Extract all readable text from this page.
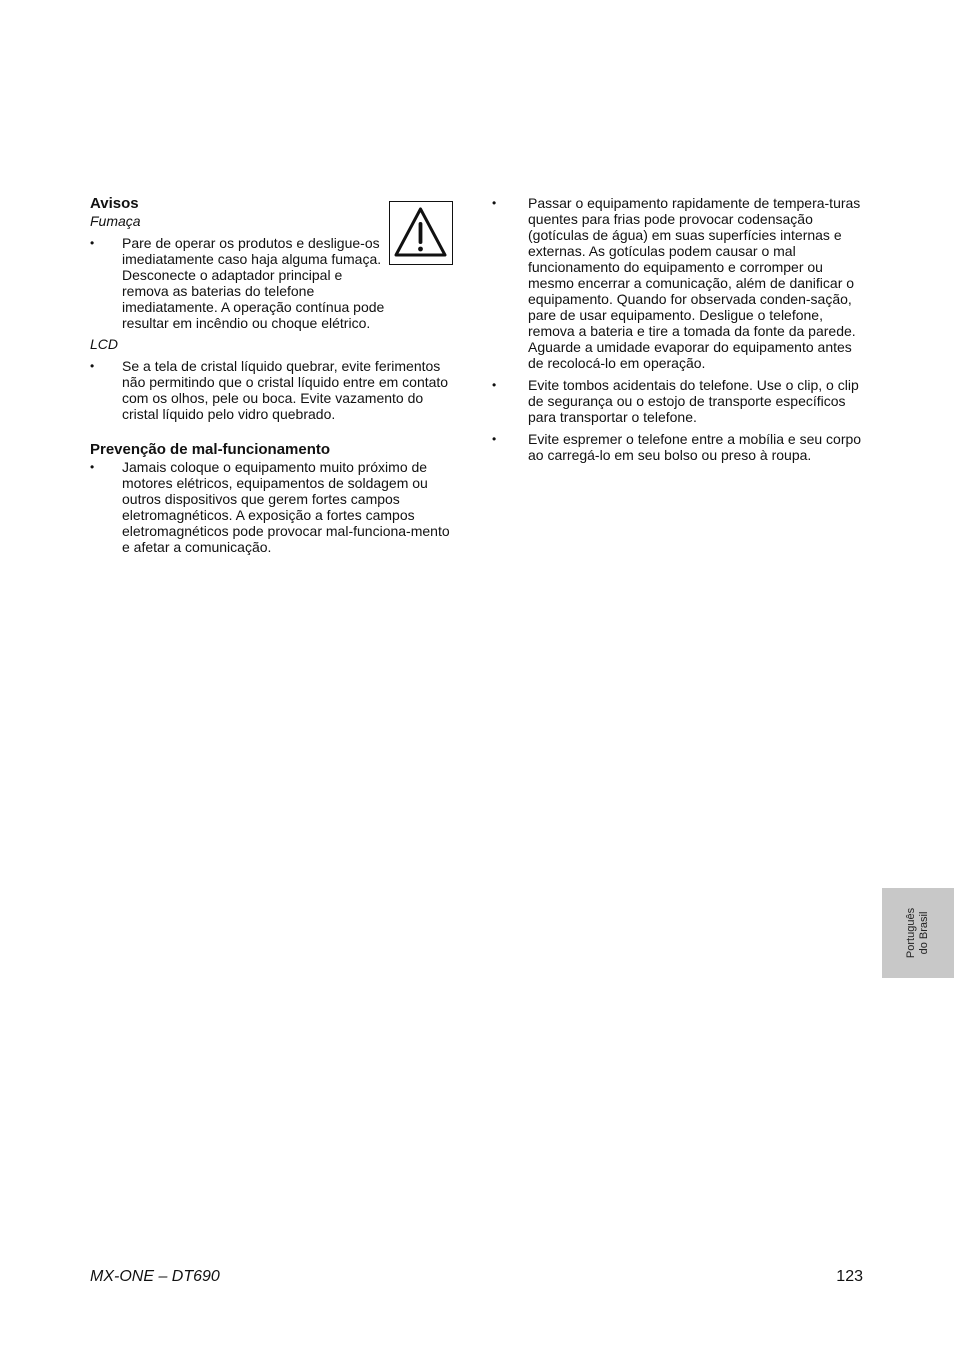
Avisos

Fumaça

• Pare de operar os produtos e desligue-os imediatamente caso haja alguma fumaça. Desconecte o adaptador principal e remova as baterias do telefone imediatamente. A operação contínua pode resultar em incêndio ou choque elétrico.

LCD

• Se a tela de cristal líquido quebrar, evite ferimentos não permitindo que o cristal líquido entre em contato com os olhos, pele ou boca. Evite vazamento do cristal líquido pelo vidro quebrado.

Prevenção de mal-funcionamento

• Jamais coloque o equipamento muito próximo de motores elétricos, equipamentos de soldagem ou outros dispositivos que gerem fortes campos eletromagnéticos. A exposição a fortes campos eletromagnéticos pode provocar mal-funciona-mento e afetar a comunicação.
• Passar o equipamento rapidamente de tempera-turas quentes para frias pode provocar codensação (gotículas de água) em suas superfícies internas e externas. As gotículas podem causar o mal funcionamento do equipamento e corromper ou mesmo encerrar a comunicação, além de danificar o equipamento. Quando for observada conden-sação, pare de usar equipamento. Desligue o telefone, remova a bateria e tire a tomada da fonte da parede. Aguarde a umidade evaporar do equipamento antes de recolocá-lo em operação.
• Evite tombos acidentais do telefone. Use o clip, o clip de segurança ou o estojo de transporte específicos para transportar o telefone.
• Evite espremer o telefone entre a mobília e seu corpo ao carregá-lo em seu bolso ou preso à roupa.
Português do Brasil
MX-ONE – DT690	123
